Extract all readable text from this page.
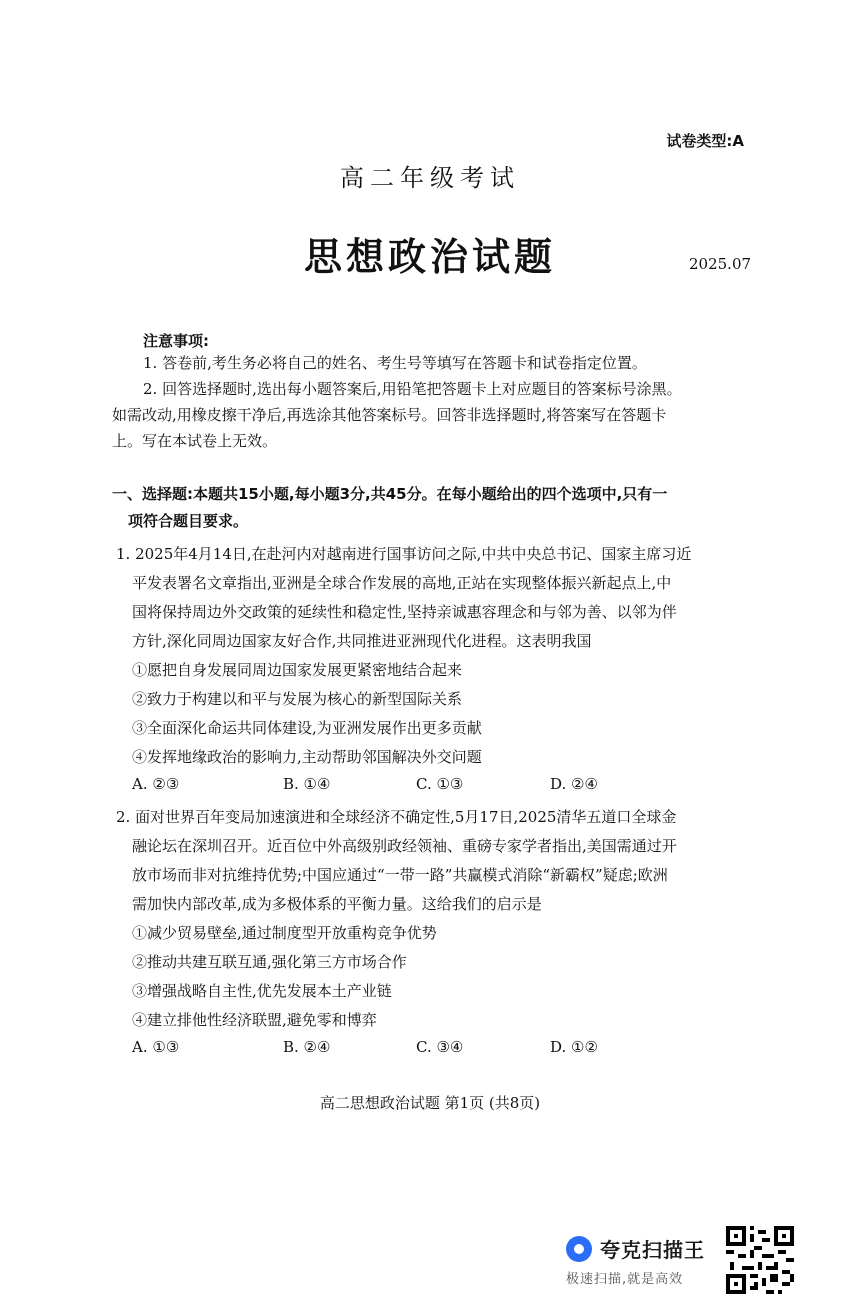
试卷类型:A
高二年级考试
思想政治试题	2025.07
注意事项:
1. 答卷前,考生务必将自己的姓名、考生号等填写在答题卡和试卷指定位置。
2. 回答选择题时,选出每小题答案后,用铅笔把答题卡上对应题目的答案标号涂黑。
如需改动,用橡皮擦干净后,再选涂其他答案标号。回答非选择题时,将答案写在答题卡
上。写在本试卷上无效。
一、选择题:本题共15小题,每小题3分,共45分。在每小题给出的四个选项中,只有一
项符合题目要求。
1. 2025年4月14日,在赴河内对越南进行国事访问之际,中共中央总书记、国家主席习近
平发表署名文章指出,亚洲是全球合作发展的高地,正站在实现整体振兴新起点上,中
国将保持周边外交政策的延续性和稳定性,坚持亲诚惠容理念和与邻为善、以邻为伴
方针,深化同周边国家友好合作,共同推进亚洲现代化进程。这表明我国
①愿把自身发展同周边国家发展更紧密地结合起来
②致力于构建以和平与发展为核心的新型国际关系
③全面深化命运共同体建设,为亚洲发展作出更多贡献
④发挥地缘政治的影响力,主动帮助邻国解决外交问题
A. ②③	B. ①④	C. ①③	D. ②④
2. 面对世界百年变局加速演进和全球经济不确定性,5月17日,2025清华五道口全球金
融论坛在深圳召开。近百位中外高级别政经领袖、重磅专家学者指出,美国需通过开
放市场而非对抗维持优势;中国应通过“一带一路”共赢模式消除“新霸权”疑虑;欧洲
需加快内部改革,成为多极体系的平衡力量。这给我们的启示是
①减少贸易壁垒,通过制度型开放重构竞争优势
②推动共建互联互通,强化第三方市场合作
③增强战略自主性,优先发展本土产业链
④建立排他性经济联盟,避免零和博弈
A. ①③	B. ②④	C. ③④	D. ①②
高二思想政治试题 第1页 (共8页)
夸克扫描王
极速扫描,就是高效
